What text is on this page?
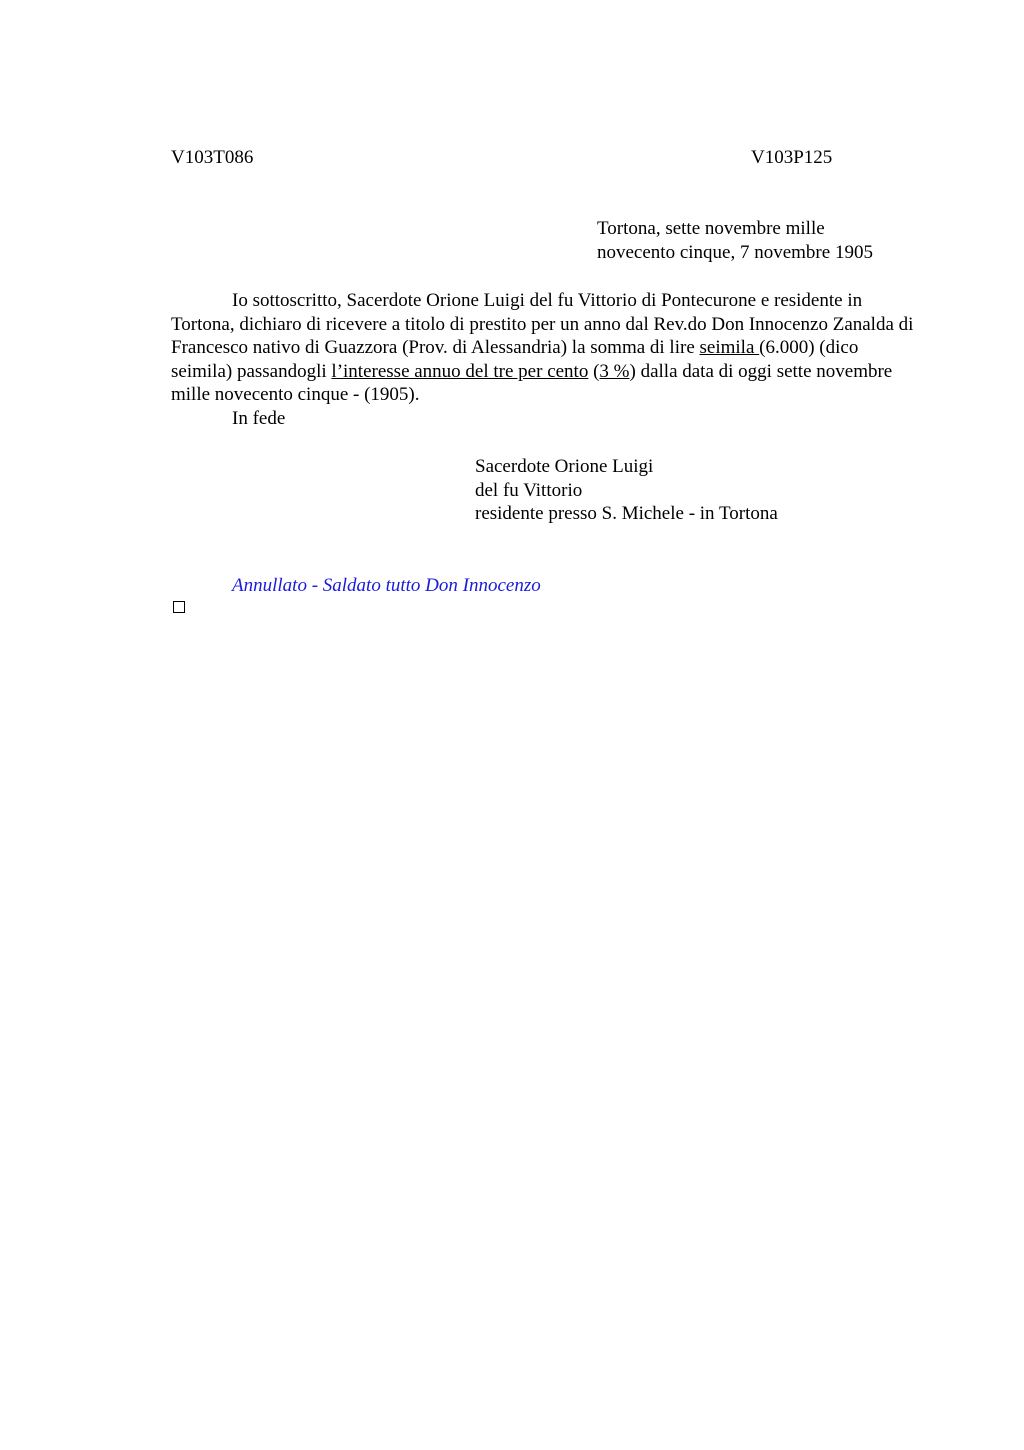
V103T086	V103P125
Tortona, sette novembre mille
novecento cinque, 7 novembre 1905

Io sottoscritto, Sacerdote Orione Luigi del fu Vittorio di Pontecurone e residente in Tortona, dichiaro di ricevere a titolo di prestito per un anno dal Rev.do Don Innocenzo Zanalda di Francesco nativo di Guazzora (Prov. di Alessandria) la somma di lire seimila (6.000) (dico seimila) passandogli l’interesse annuo del tre per cento (3 %) dalla data di oggi sette novembre mille novecento cinque - (1905).

In fede

Sacerdote Orione Luigi
del fu Vittorio
residente presso S. Michele - in Tortona
Annullato - Saldato tutto Don Innocenzo
